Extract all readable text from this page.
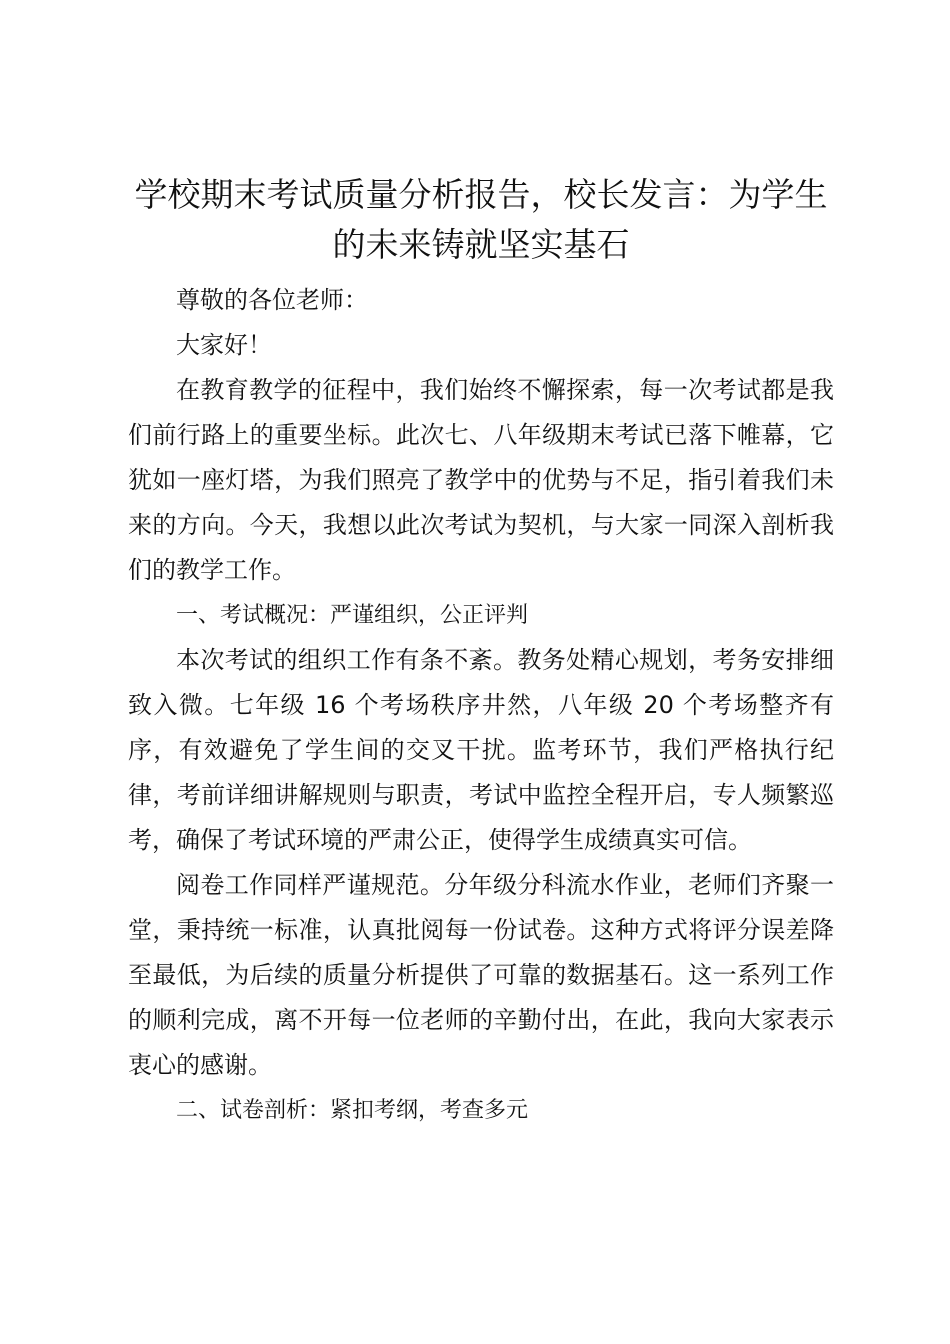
学校期末考试质量分析报告，校长发言：为学生的未来铸就坚实基石

尊敬的各位老师：

大家好！

在教育教学的征程中，我们始终不懈探索，每一次考试都是我们前行路上的重要坐标。此次七、八年级期末考试已落下帷幕，它犹如一座灯塔，为我们照亮了教学中的优势与不足，指引着我们未来的方向。今天，我想以此次考试为契机，与大家一同深入剖析我们的教学工作。

一、考试概况：严谨组织，公正评判

本次考试的组织工作有条不紊。教务处精心规划，考务安排细致入微。七年级 16 个考场秩序井然，八年级 20 个考场整齐有序，有效避免了学生间的交叉干扰。监考环节，我们严格执行纪律，考前详细讲解规则与职责，考试中监控全程开启，专人频繁巡考，确保了考试环境的严肃公正，使得学生成绩真实可信。

阅卷工作同样严谨规范。分年级分科流水作业，老师们齐聚一堂，秉持统一标准，认真批阅每一份试卷。这种方式将评分误差降至最低，为后续的质量分析提供了可靠的数据基石。这一系列工作的顺利完成，离不开每一位老师的辛勤付出，在此，我向大家表示衷心的感谢。

二、试卷剖析：紧扣考纲，考查多元
